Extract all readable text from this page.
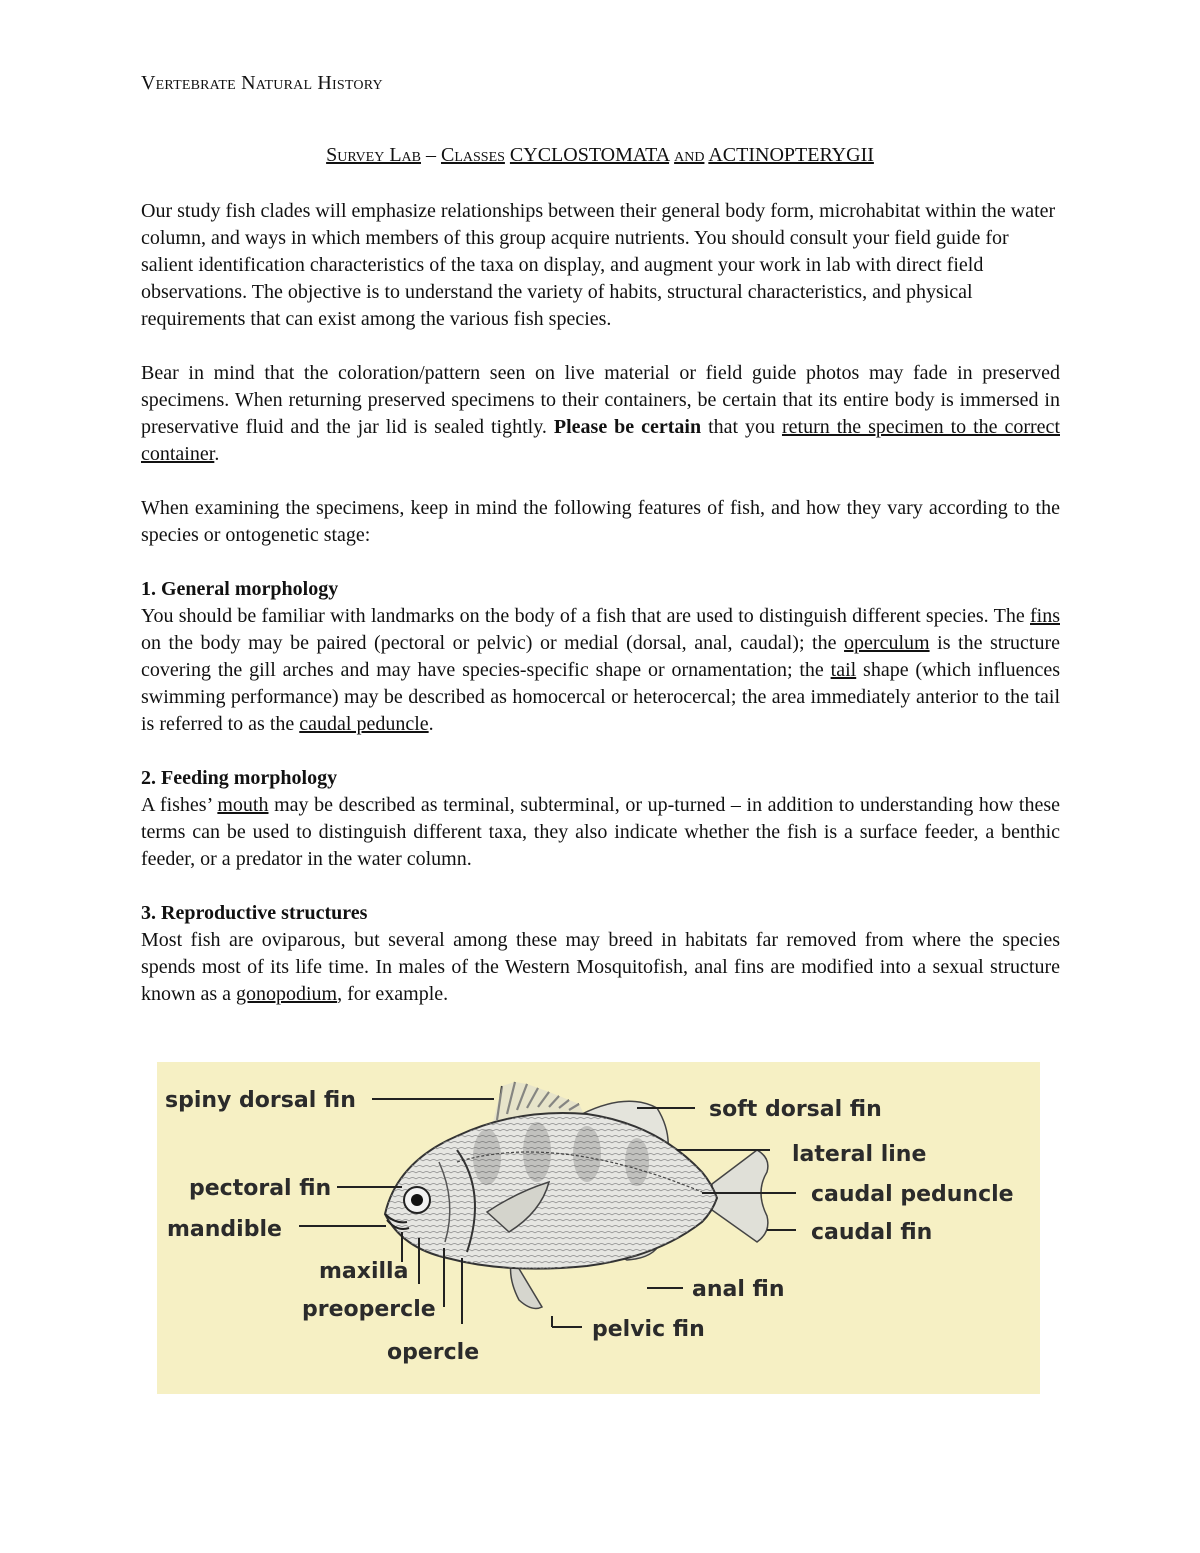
Vertebrate Natural History
Survey Lab – Classes CYCLOSTOMATA and ACTINOPTERYGII

Our study fish clades will emphasize relationships between their general body form, microhabitat within the water column, and ways in which members of this group acquire nutrients. You should consult your field guide for salient identification characteristics of the taxa on display, and augment your work in lab with direct field observations. The objective is to understand the variety of habits, structural characteristics, and physical requirements that can exist among the various fish species.

Bear in mind that the coloration/pattern seen on live material or field guide photos may fade in preserved specimens. When returning preserved specimens to their containers, be certain that its entire body is immersed in preservative fluid and the jar lid is sealed tightly. Please be certain that you return the specimen to the correct container.

When examining the specimens, keep in mind the following features of fish, and how they vary according to the species or ontogenetic stage:

1. General morphology
You should be familiar with landmarks on the body of a fish that are used to distinguish different species. The fins on the body may be paired (pectoral or pelvic) or medial (dorsal, anal, caudal); the operculum is the structure covering the gill arches and may have species-specific shape or ornamentation; the tail shape (which influences swimming performance) may be described as homocercal or heterocercal; the area immediately anterior to the tail is referred to as the caudal peduncle.

2. Feeding morphology
A fishes’ mouth may be described as terminal, subterminal, or up-turned – in addition to understanding how these terms can be used to distinguish different taxa, they also indicate whether the fish is a surface feeder, a benthic feeder, or a predator in the water column.

3. Reproductive structures
Most fish are oviparous, but several among these may breed in habitats far removed from where the species spends most of its life time. In males of the Western Mosquitofish, anal fins are modified into a sexual structure known as a gonopodium, for example.

spiny dorsal fin	soft dorsal fin
lateral line
pectoral fin	caudal peduncle
mandible	caudal fin
maxilla
anal fin
preopercle
pelvic fin
opercle
